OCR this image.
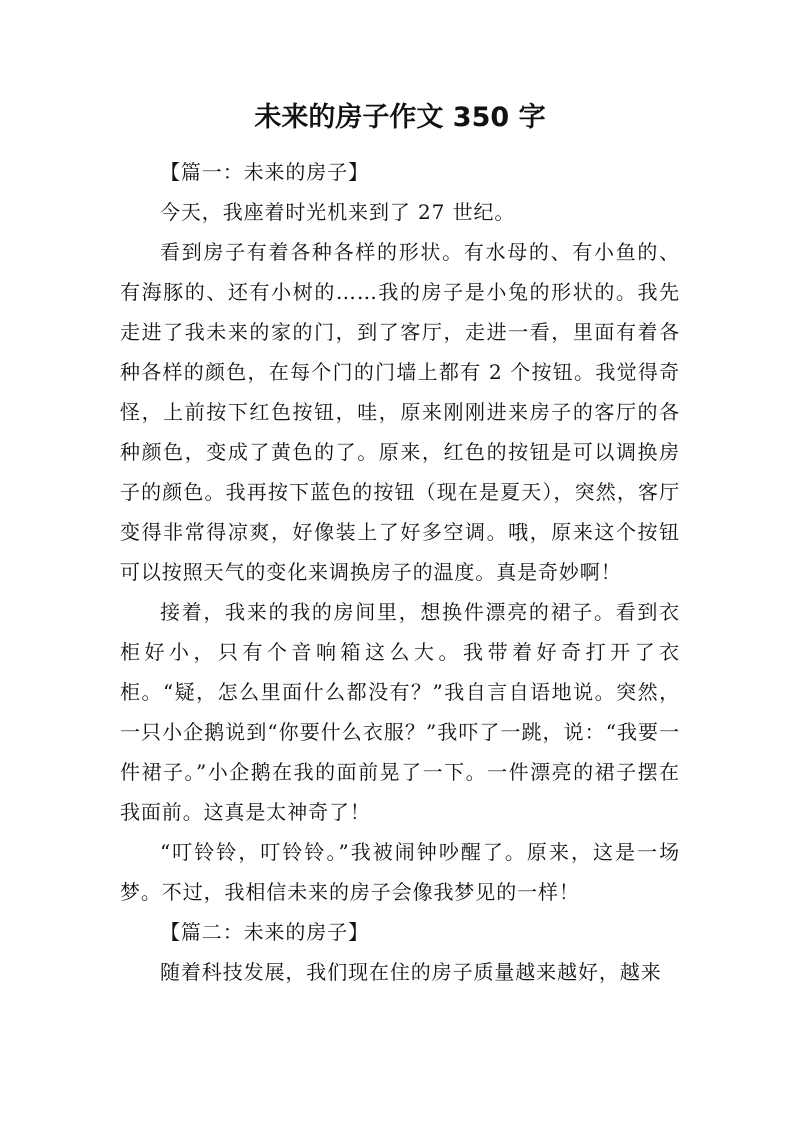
未来的房子作文 350 字

【篇一：未来的房子】

今天，我座着时光机来到了 27 世纪。

看到房子有着各种各样的形状。有水母的、有小鱼的、有海豚的、还有小树的……我的房子是小兔的形状的。我先走进了我未来的家的门，到了客厅，走进一看，里面有着各种各样的颜色，在每个门的门墙上都有 2 个按钮。我觉得奇怪，上前按下红色按钮，哇，原来刚刚进来房子的客厅的各种颜色，变成了黄色的了。原来，红色的按钮是可以调换房子的颜色。我再按下蓝色的按钮（现在是夏天），突然，客厅变得非常得凉爽，好像装上了好多空调。哦，原来这个按钮可以按照天气的变化来调换房子的温度。真是奇妙啊！

接着，我来的我的房间里，想换件漂亮的裙子。看到衣柜好小，只有个音响箱这么大。我带着好奇打开了衣柜。“疑，怎么里面什么都没有？”我自言自语地说。突然，一只小企鹅说到“你要什么衣服？”我吓了一跳，说：“我要一件裙子。”小企鹅在我的面前晃了一下。一件漂亮的裙子摆在我面前。这真是太神奇了！

“叮铃铃，叮铃铃。”我被闹钟吵醒了。原来，这是一场梦。不过，我相信未来的房子会像我梦见的一样！

【篇二：未来的房子】

随着科技发展，我们现在住的房子质量越来越好，越来
